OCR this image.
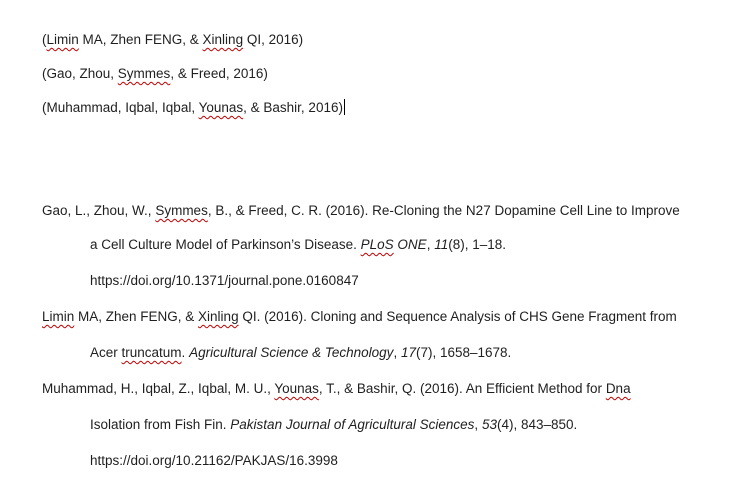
(Limin MA, Zhen FENG, & Xinling QI, 2016)
(Gao, Zhou, Symmes, & Freed, 2016)
(Muhammad, Iqbal, Iqbal, Younas, & Bashir, 2016)
Gao, L., Zhou, W., Symmes, B., & Freed, C. R. (2016). Re-Cloning the N27 Dopamine Cell Line to Improve
a Cell Culture Model of Parkinson’s Disease. PLoS ONE, 11(8), 1–18.
https://doi.org/10.1371/journal.pone.0160847
Limin MA, Zhen FENG, & Xinling QI. (2016). Cloning and Sequence Analysis of CHS Gene Fragment from
Acer truncatum. Agricultural Science & Technology, 17(7), 1658–1678.
Muhammad, H., Iqbal, Z., Iqbal, M. U., Younas, T., & Bashir, Q. (2016). An Efficient Method for Dna
Isolation from Fish Fin. Pakistan Journal of Agricultural Sciences, 53(4), 843–850.
https://doi.org/10.21162/PAKJAS/16.3998
